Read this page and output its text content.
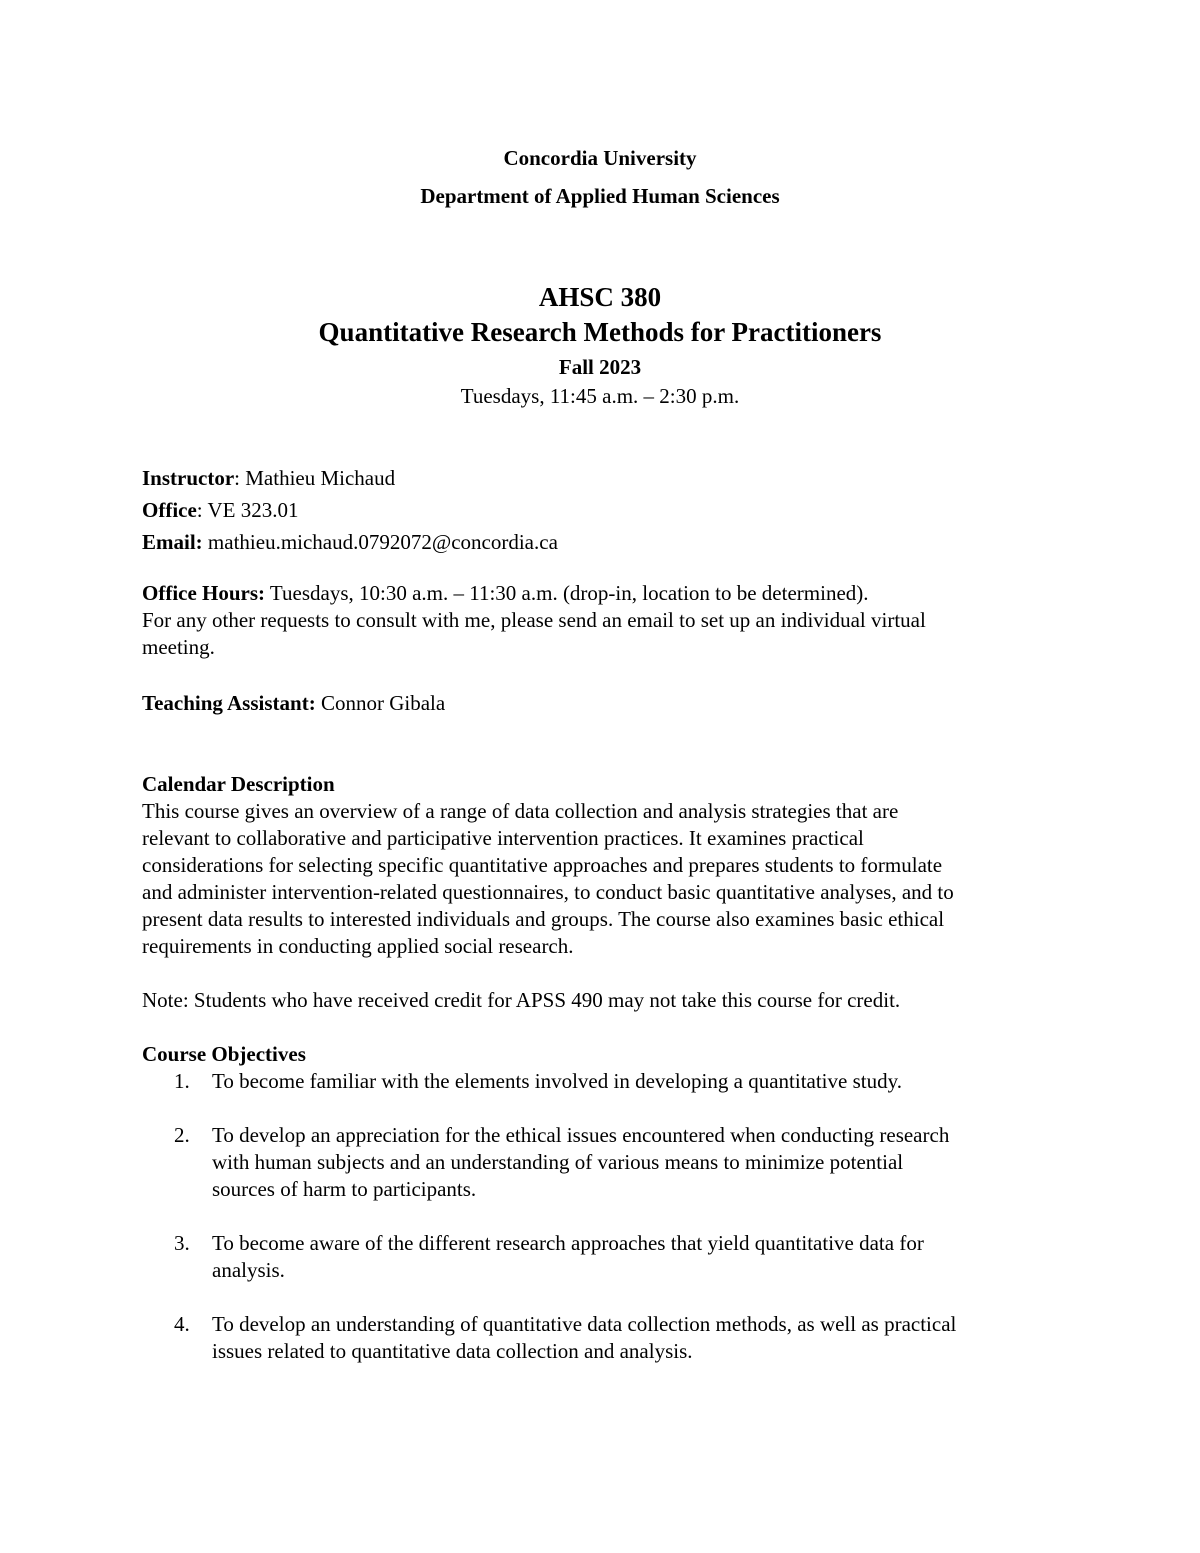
Concordia University
Department of Applied Human Sciences
AHSC 380
Quantitative Research Methods for Practitioners
Fall 2023
Tuesdays, 11:45 a.m. – 2:30 p.m.
Instructor: Mathieu Michaud
Office: VE 323.01
Email: mathieu.michaud.0792072@concordia.ca
Office Hours: Tuesdays, 10:30 a.m. – 11:30 a.m. (drop-in, location to be determined).
For any other requests to consult with me, please send an email to set up an individual virtual
meeting.
Teaching Assistant: Connor Gibala
Calendar Description
This course gives an overview of a range of data collection and analysis strategies that are
relevant to collaborative and participative intervention practices. It examines practical
considerations for selecting specific quantitative approaches and prepares students to formulate
and administer intervention-related questionnaires, to conduct basic quantitative analyses, and to
present data results to interested individuals and groups. The course also examines basic ethical
requirements in conducting applied social research.
Note: Students who have received credit for APSS 490 may not take this course for credit.
Course Objectives
1. To become familiar with the elements involved in developing a quantitative study.
2. To develop an appreciation for the ethical issues encountered when conducting research
with human subjects and an understanding of various means to minimize potential
sources of harm to participants.
3. To become aware of the different research approaches that yield quantitative data for
analysis.
4. To develop an understanding of quantitative data collection methods, as well as practical
issues related to quantitative data collection and analysis.
